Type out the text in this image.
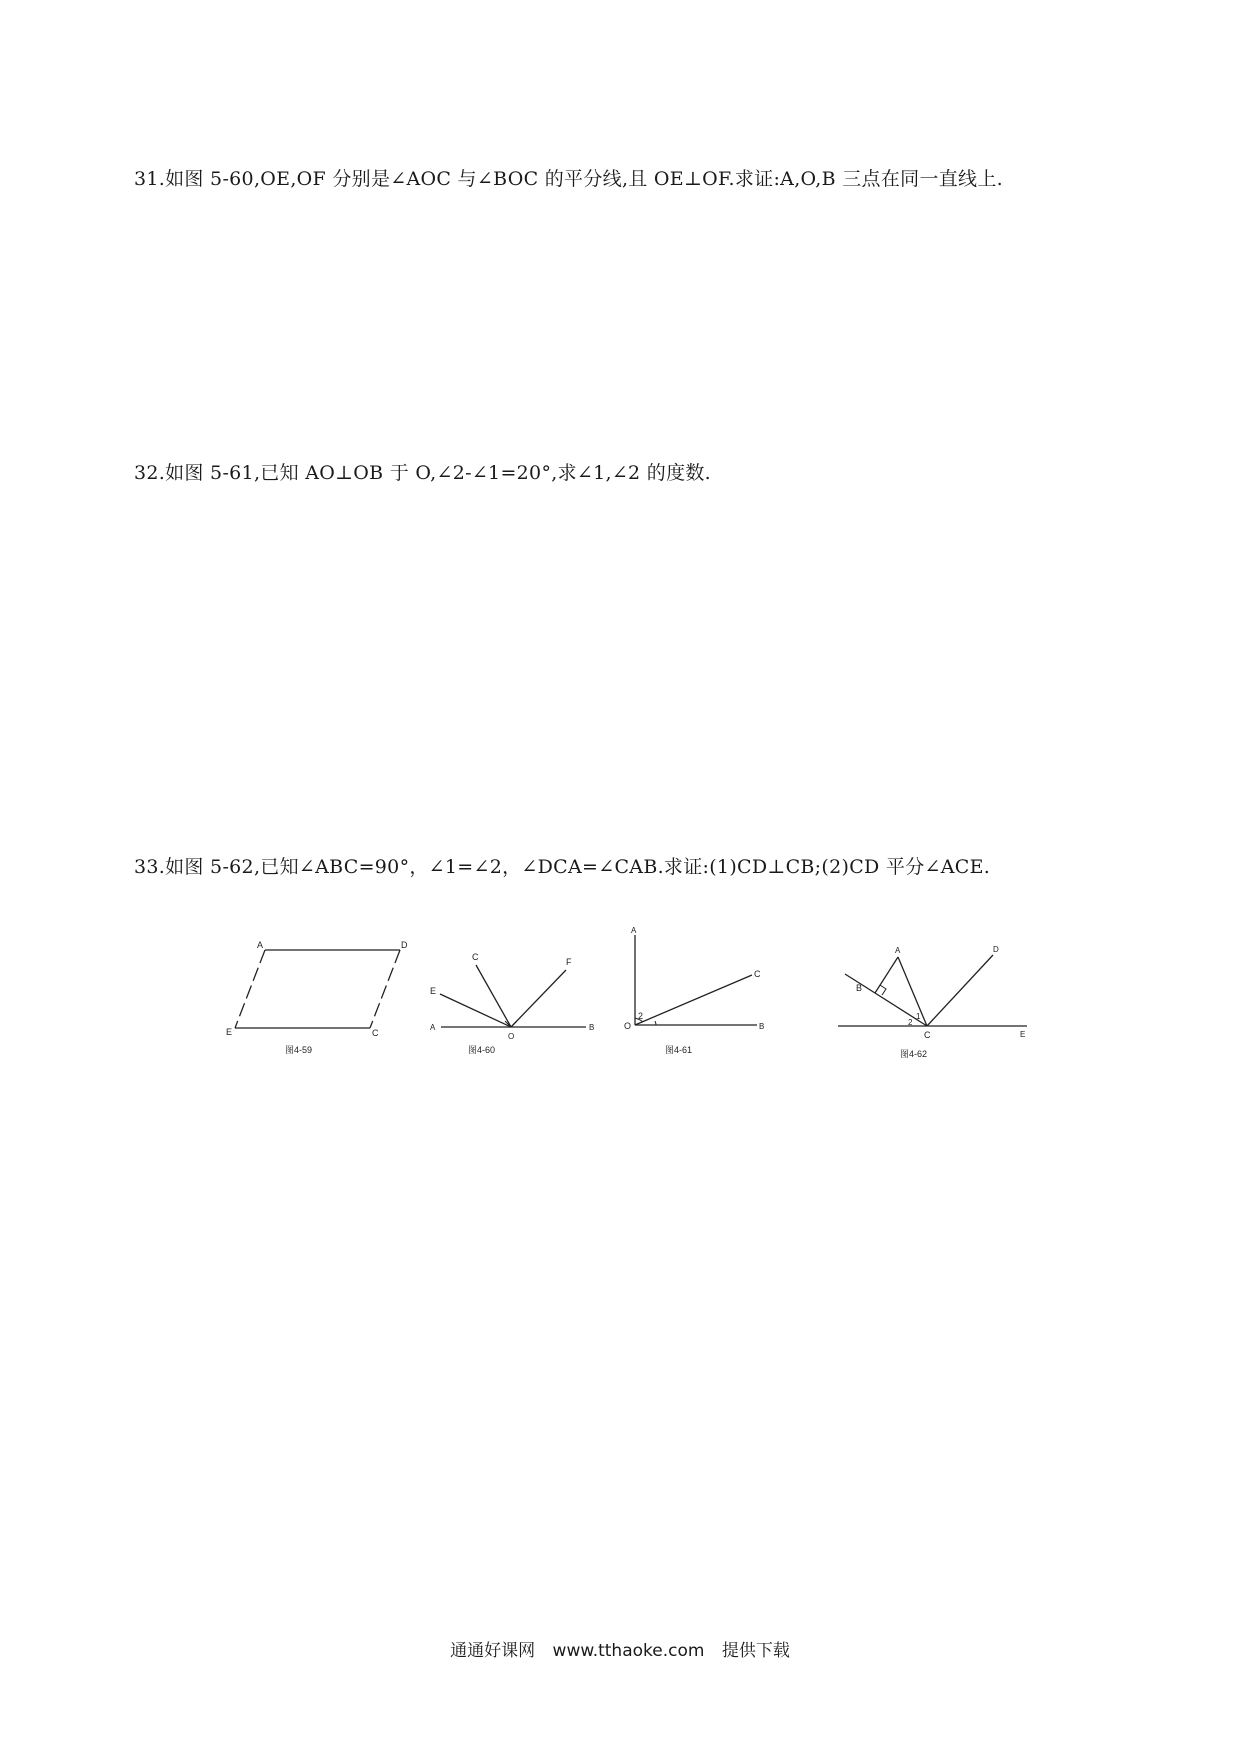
31.如图 5-60,OE,OF 分别是∠AOC 与∠BOC 的平分线,且 OE⊥OF.求证:A,O,B 三点在同一直线上.
32.如图 5-61,已知 AO⊥OB 于 O,∠2-∠1=20°,求∠1,∠2 的度数.
33.如图 5-62,已知∠ABC=90°，∠1=∠2，∠DCA=∠CAB.求证:(1)CD⊥CB;(2)CD 平分∠ACE.
A	D
E	C
图4-59
C	F
E
A
O
B
图4-60
A
C
O	B
2
图4-61
A	D
B
1
2
C	E
图4-62
通通好课网 www.tthaoke.com 提供下载
